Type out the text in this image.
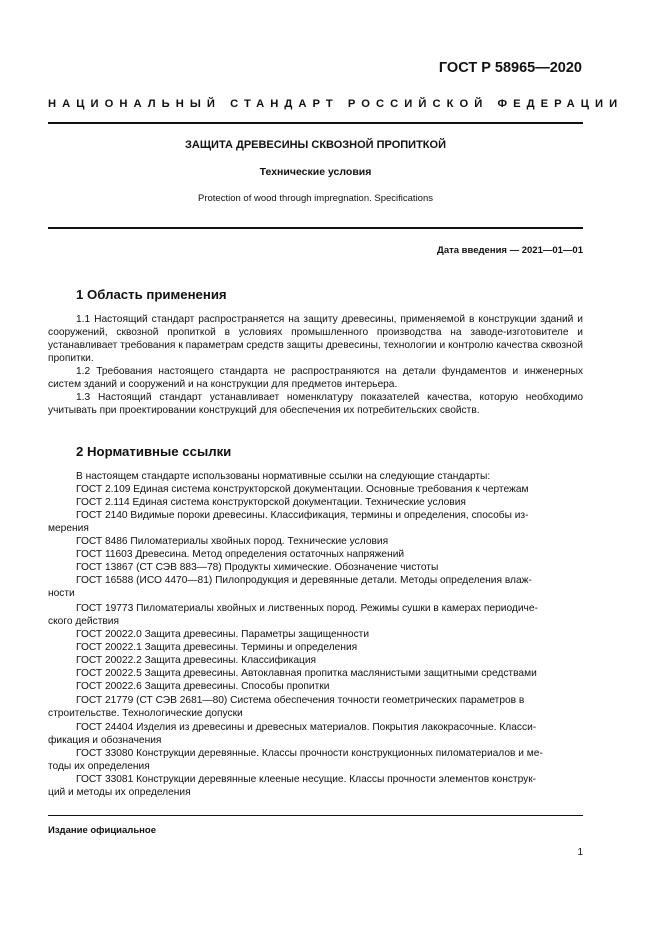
ГОСТ Р 58965—2020
НАЦИОНАЛЬНЫЙ СТАНДАРТ РОССИЙСКОЙ ФЕДЕРАЦИИ
ЗАЩИТА ДРЕВЕСИНЫ СКВОЗНОЙ ПРОПИТКОЙ
Технические условия
Protection of wood through impregnation. Specifications
Дата введения — 2021—01—01
1 Область применения

1.1 Настоящий стандарт распространяется на защиту древесины, применяемой в конструкции зданий и сооружений, сквозной пропиткой в условиях промышленного производства на заводе-изготовителе и устанавливает требования к параметрам средств защиты древесины, технологии и контролю качества сквозной пропитки.

1.2 Требования настоящего стандарта не распространяются на детали фундаментов и инженерных систем зданий и сооружений и на конструкции для предметов интерьера.

1.3 Настоящий стандарт устанавливает номенклатуру показателей качества, которую необходимо учитывать при проектировании конструкций для обеспечения их потребительских свойств.

2 Нормативные ссылки
В настоящем стандарте использованы нормативные ссылки на следующие стандарты:
ГОСТ 2.109 Единая система конструкторской документации. Основные требования к чертежам
ГОСТ 2.114 Единая система конструкторской документации. Технические условия
ГОСТ 2140 Видимые пороки древесины. Классификация, термины и определения, способы из-
мерения
ГОСТ 8486 Пиломатериалы хвойных пород. Технические условия
ГОСТ 11603 Древесина. Метод определения остаточных напряжений
ГОСТ 13867 (СТ СЭВ 883—78) Продукты химические. Обозначение чистоты
ГОСТ 16588 (ИСО 4470—81) Пилопродукция и деревянные детали. Методы определения влаж-
ности
ГОСТ 19773 Пиломатериалы хвойных и лиственных пород. Режимы сушки в камерах периодиче-
ского действия
ГОСТ 20022.0 Защита древесины. Параметры защищенности
ГОСТ 20022.1 Защита древесины. Термины и определения
ГОСТ 20022.2 Защита древесины. Классификация
ГОСТ 20022.5 Защита древесины. Автоклавная пропитка маслянистыми защитными средствами
ГОСТ 20022.6 Защита древесины. Способы пропитки
ГОСТ 21779 (СТ СЭВ 2681—80) Система обеспечения точности геометрических параметров в
строительстве. Технологические допуски
ГОСТ 24404 Изделия из древесины и древесных материалов. Покрытия лакокрасочные. Класси-
фикация и обозначения
ГОСТ 33080 Конструкции деревянные. Классы прочности конструкционных пиломатериалов и ме-
тоды их определения
ГОСТ 33081 Конструкции деревянные клееные несущие. Классы прочности элементов конструк-
ций и методы их определения
Издание официальное
1
